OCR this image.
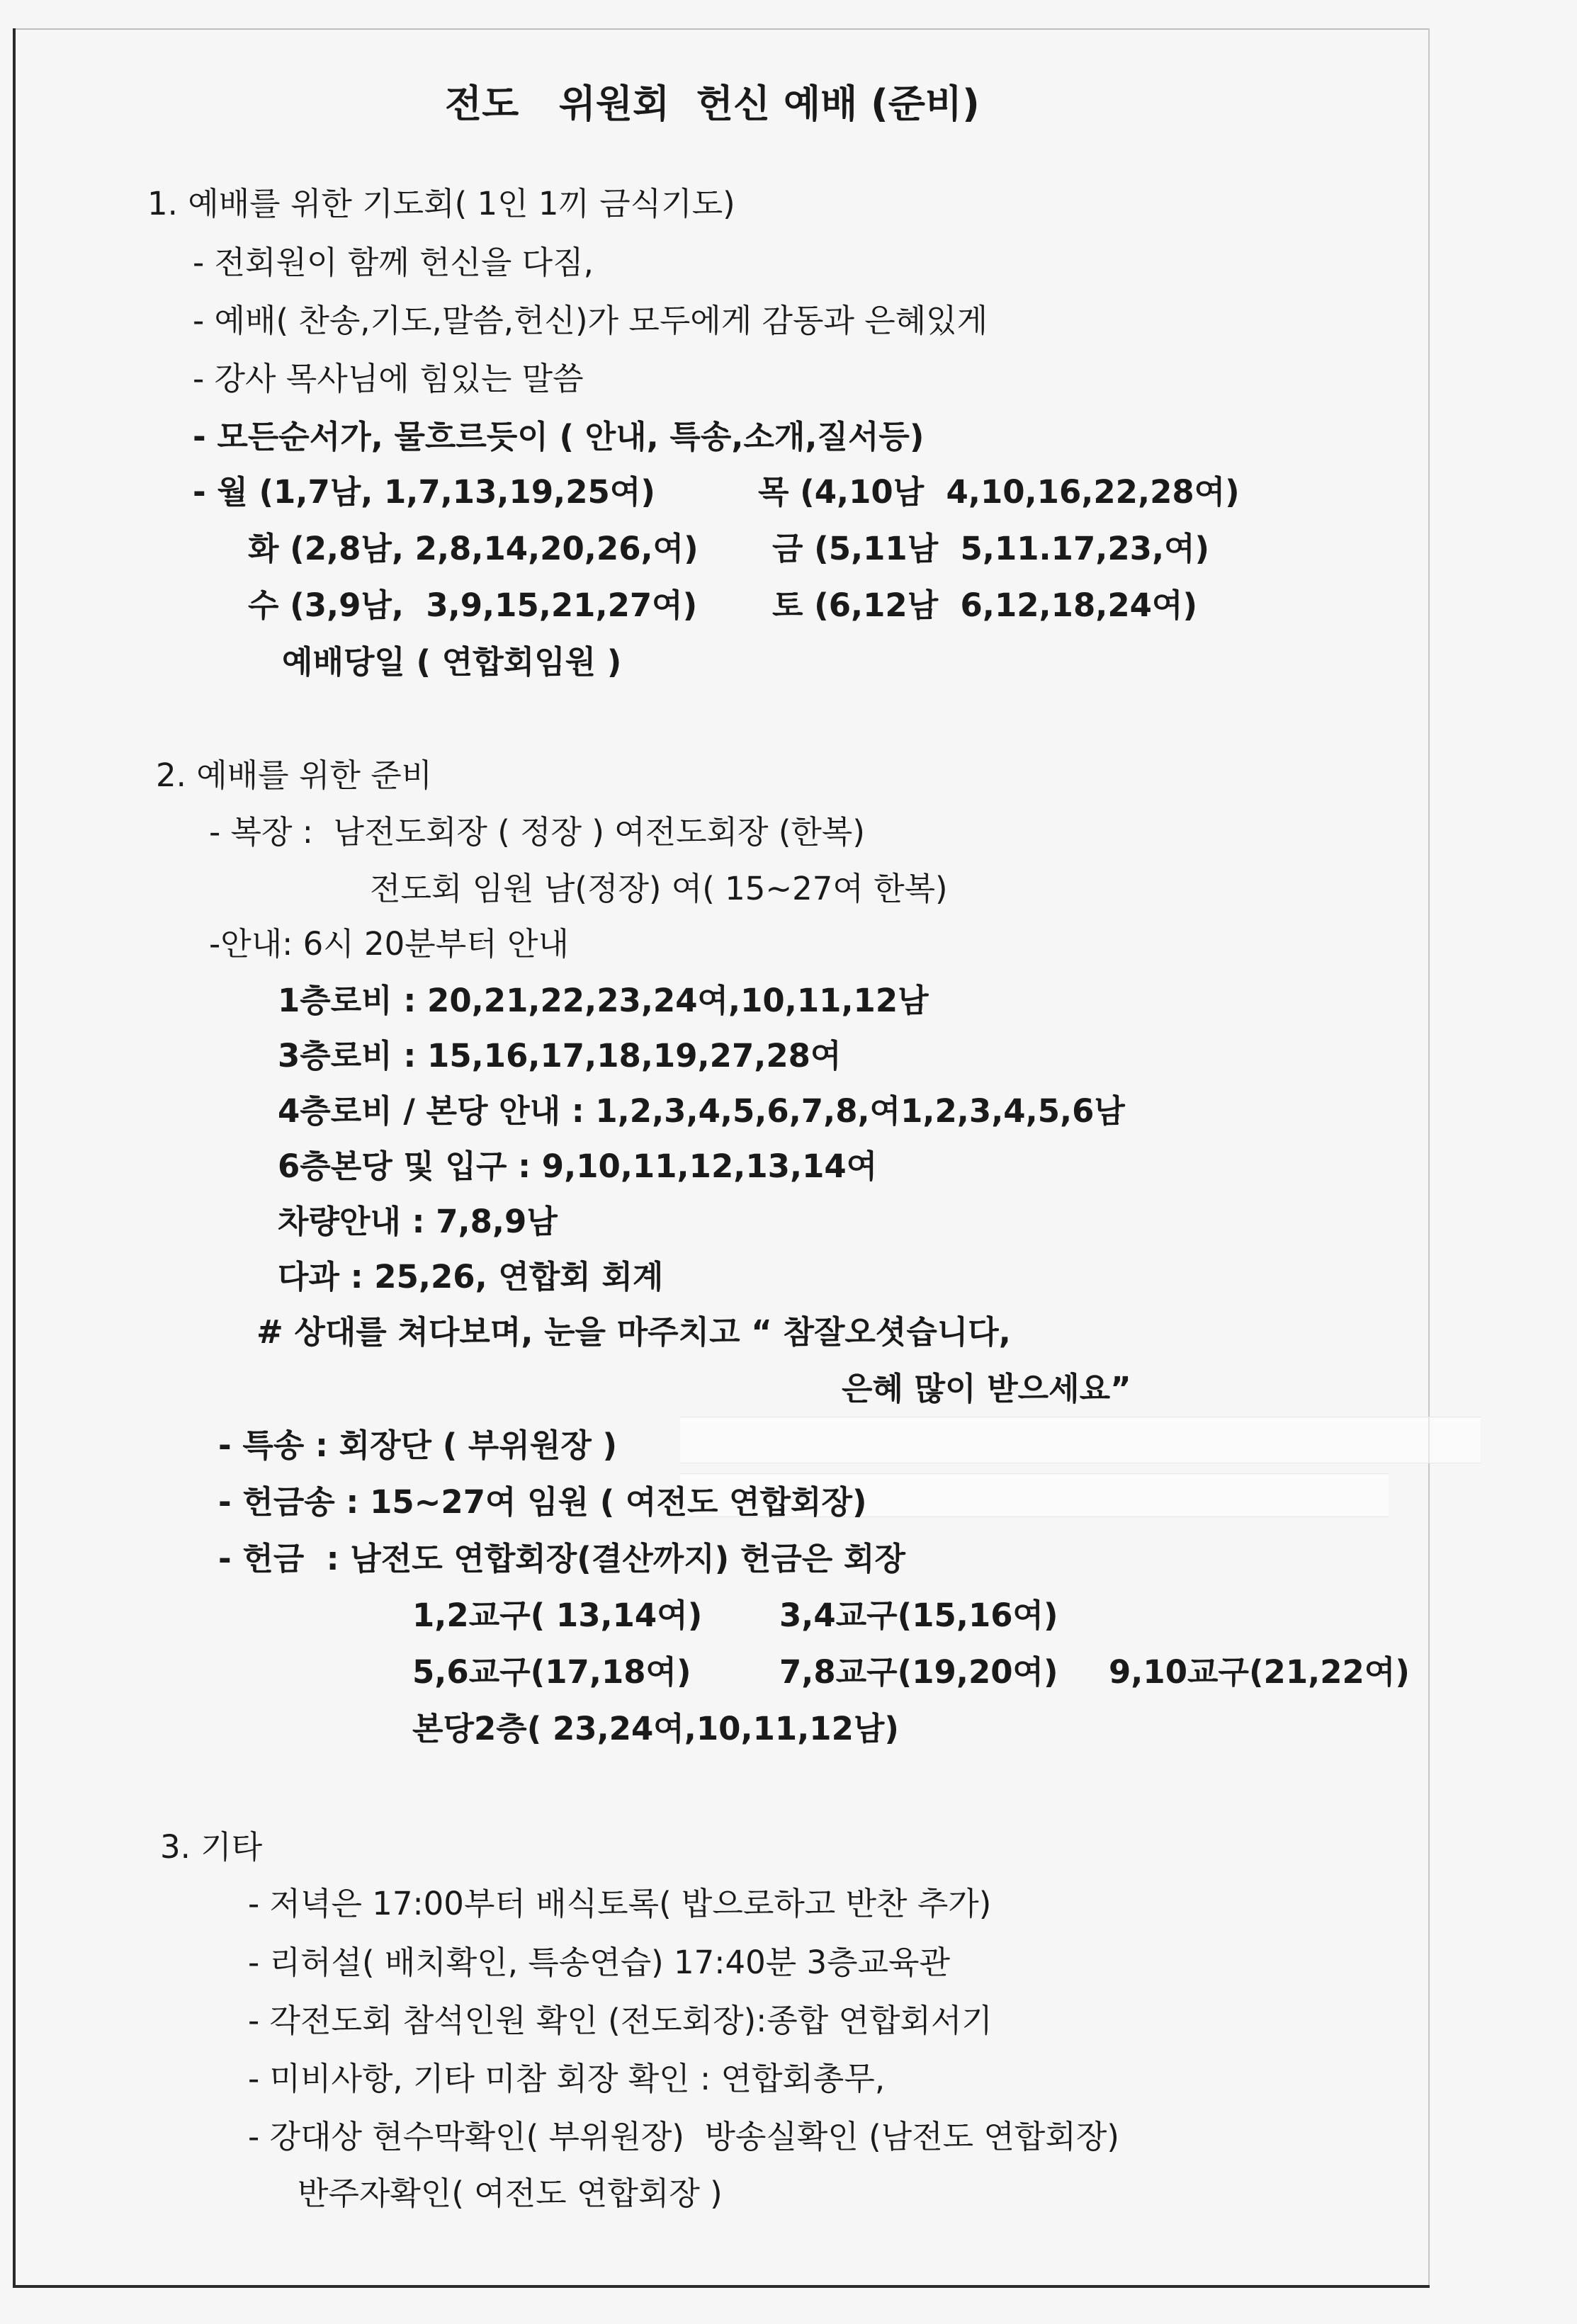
전도   위원회  헌신 예배 (준비)
1. 예배를 위한 기도회( 1인 1끼 금식기도)
- 전회원이 함께 헌신을 다짐,
- 예배( 찬송,기도,말씀,헌신)가 모두에게 감동과 은혜있게
- 강사 목사님에 힘있는 말씀
- 모든순서가, 물흐르듯이 ( 안내, 특송,소개,질서등)
- 월 (1,7남, 1,7,13,19,25여)	목 (4,10남  4,10,16,22,28여)
화 (2,8남, 2,8,14,20,26,여) 금 (5,11남  5,11.17,23,여)
수 (3,9남,  3,9,15,21,27여) 토 (6,12남  6,12,18,24여)
예배당일 ( 연합회임원 )
2. 예배를 위한 준비
- 복장 :  남전도회장 ( 정장 ) 여전도회장 (한복)
전도회 임원 남(정장) 여( 15~27여 한복)
-안내: 6시 20분부터 안내
1층로비 : 20,21,22,23,24여,10,11,12남
3층로비 : 15,16,17,18,19,27,28여
4층로비 / 본당 안내 : 1,2,3,4,5,6,7,8,여1,2,3,4,5,6남
6층본당 및 입구 : 9,10,11,12,13,14여
차량안내 : 7,8,9남
다과 : 25,26, 연합회 회계
# 상대를 쳐다보며, 눈을 마주치고 “ 참잘오셧습니다,
은혜 많이 받으세요”
- 특송 : 회장단 ( 부위원장 )
- 헌금송 : 15~27여 임원 ( 여전도 연합회장)
- 헌금  : 남전도 연합회장(결산까지) 헌금은 회장
1,2교구( 13,14여) 3,4교구(15,16여)
5,6교구(17,18여)	7,8교구(19,20여) 9,10교구(21,22여)
본당2층( 23,24여,10,11,12남)
3. 기타
- 저녁은 17:00부터 배식토록( 밥으로하고 반찬 추가)
- 리허설( 배치확인, 특송연습) 17:40분 3층교육관
- 각전도회 참석인원 확인 (전도회장):종합 연합회서기
- 미비사항, 기타 미참 회장 확인 : 연합회총무,
- 강대상 현수막확인( 부위원장)  방송실확인 (남전도 연합회장)
반주자확인( 여전도 연합회장 )
